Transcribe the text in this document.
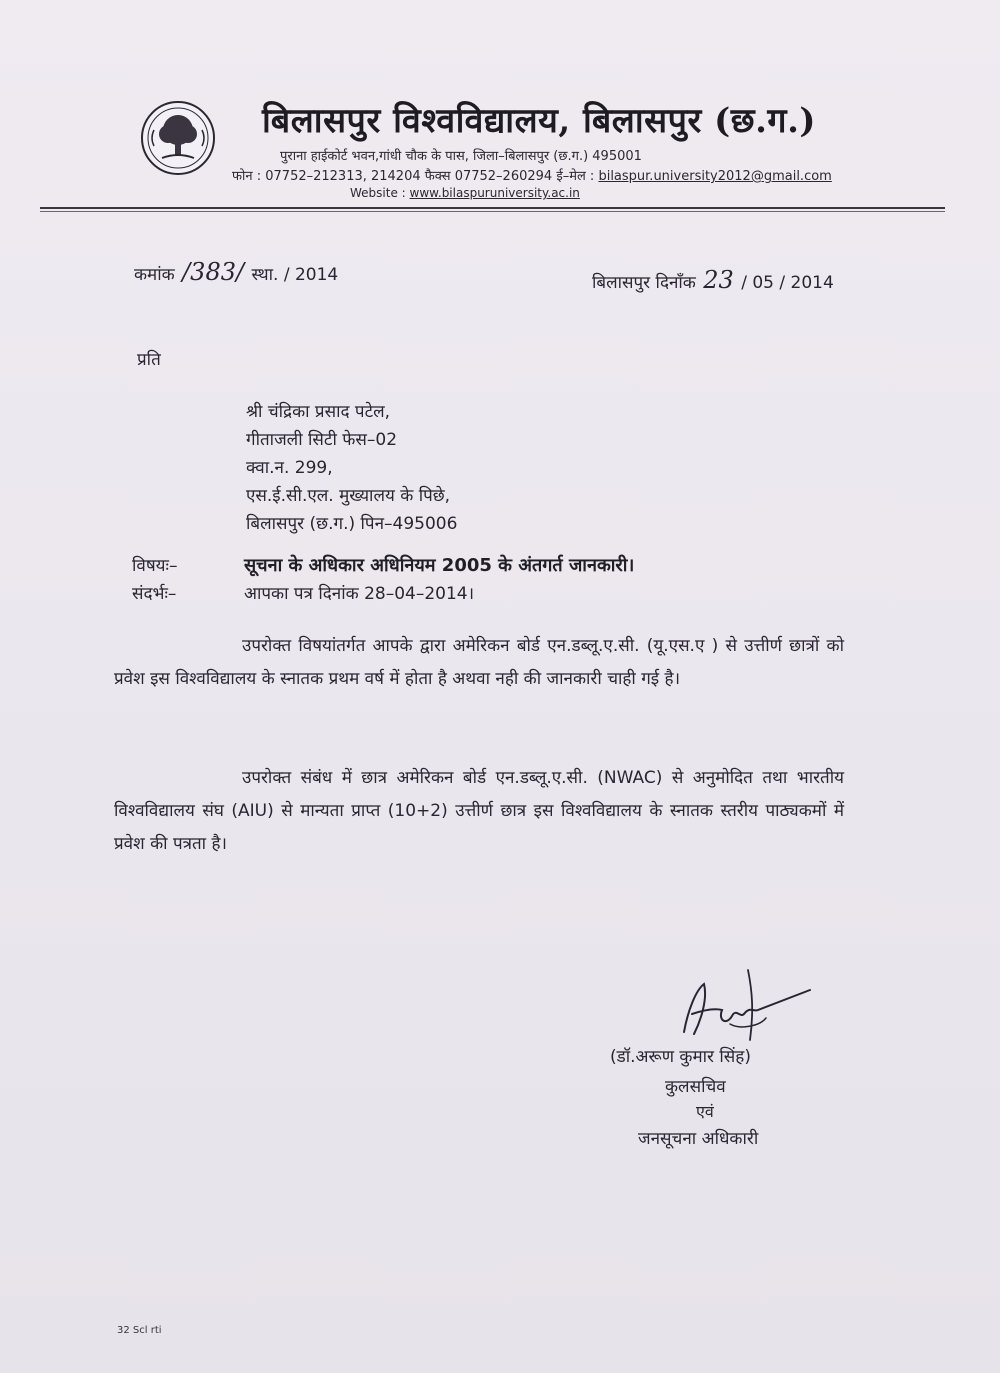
बिलासपुर विश्वविद्यालय, बिलासपुर (छ.ग.)
पुराना हाईकोर्ट भवन,गांधी चौक के पास, जिला–बिलासपुर (छ.ग.) 495001
फोन : 07752–212313, 214204 फैक्स 07752–260294 ई–मेल : bilaspur.university2012@gmail.com
Website : www.bilaspuruniversity.ac.in
कमांक /383/ स्था. / 2014	बिलासपुर दिनाँक 23 / 05 / 2014
प्रति
श्री चंद्रिका प्रसाद पटेल,
गीताजली सिटी फेस–02
क्वा.न. 299,
एस.ई.सी.एल. मुख्यालय के पिछे,
बिलासपुर (छ.ग.) पिन–495006
विषयः–	सूचना के अधिकार अधिनियम 2005 के अंतगर्त जानकारी।
संदर्भः–	आपका पत्र दिनांक 28–04–2014।
उपरोक्त विषयांतर्गत आपके द्वारा अमेरिकन बोर्ड एन.डब्लू.ए.सी. (यू.एस.ए ) से उत्तीर्ण छात्रों को प्रवेश इस विश्वविद्यालय के स्नातक प्रथम वर्ष में होता है अथवा नही की जानकारी चाही गई है।
उपरोक्त संबंध में छात्र अमेरिकन बोर्ड एन.डब्लू.ए.सी. (NWAC) से अनुमोदित तथा भारतीय विश्वविद्यालय संघ (AIU) से मान्यता प्राप्त (10+2) उत्तीर्ण छात्र इस विश्वविद्यालय के स्नातक स्तरीय पाठ्यकमों में प्रवेश की पत्रता है।
(डॉ.अरूण कुमार सिंह)
कुलसचिव
एवं
जनसूचना अधिकारी
32 Scl rti
